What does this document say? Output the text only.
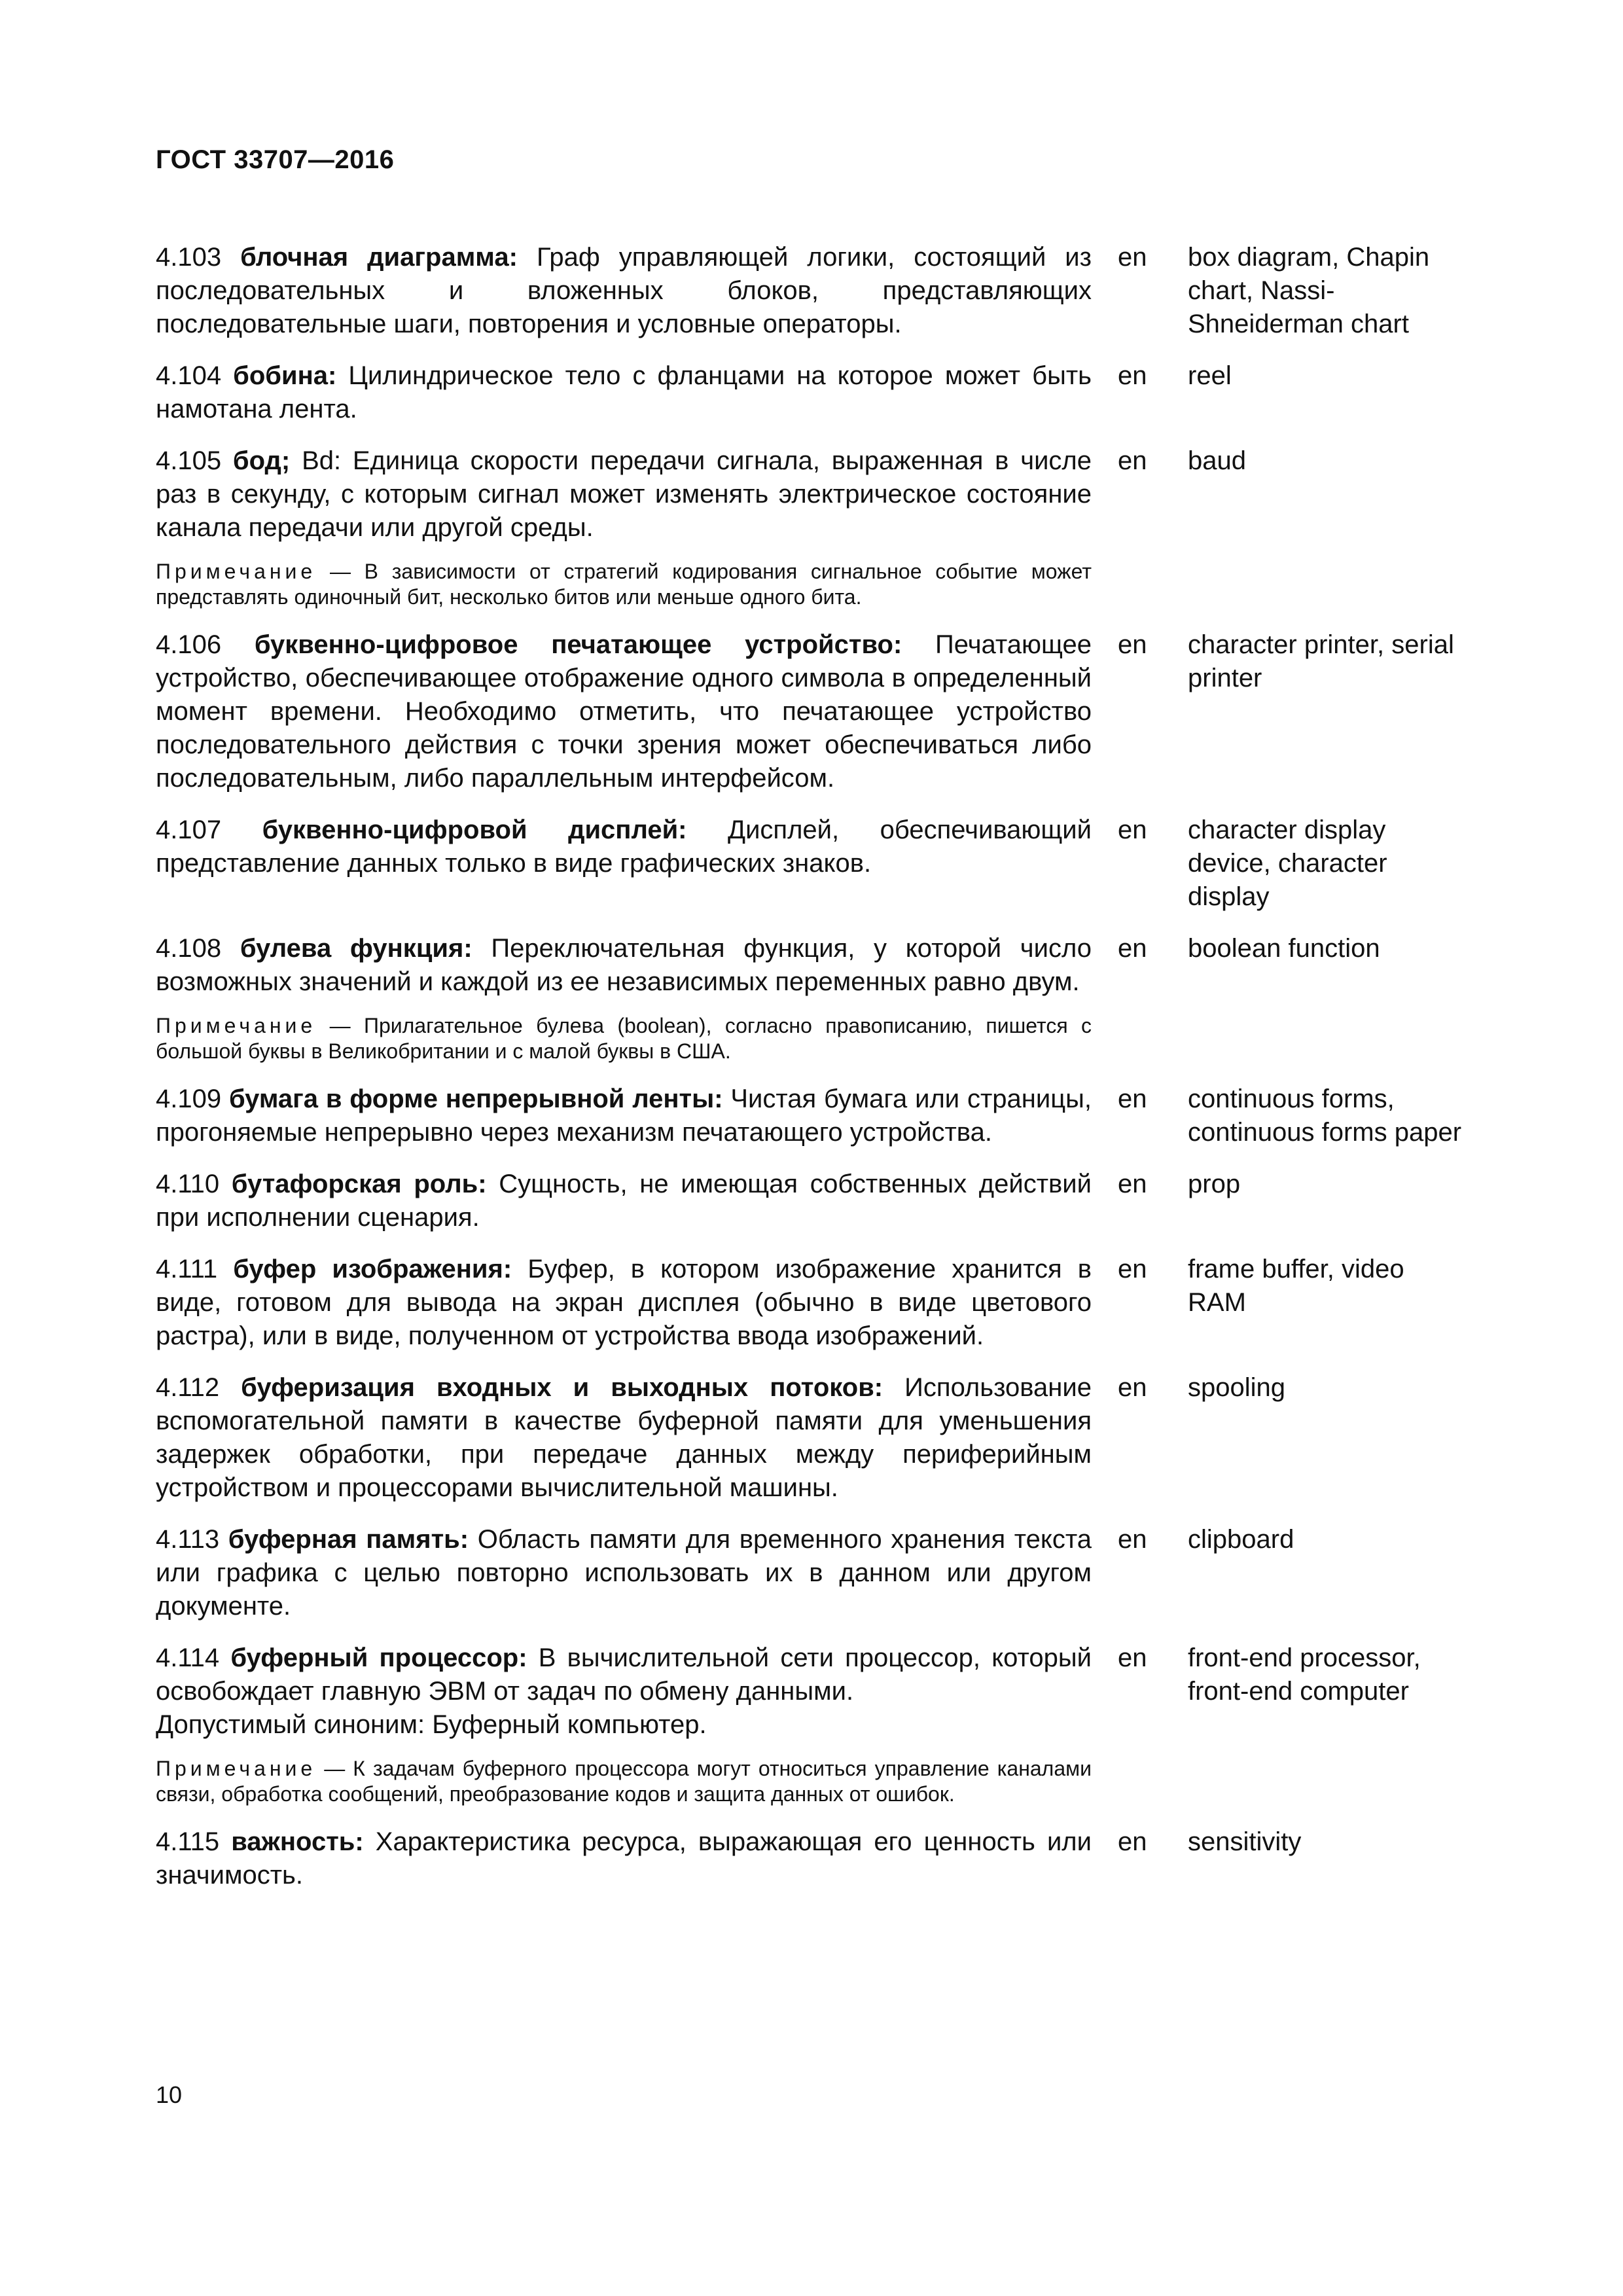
ГОСТ 33707—2016
4.103 блочная диаграмма: Граф управляющей логики, состоящий из последовательных и вложенных блоков, представляющих последовательные шаги, повторения и условные операторы.
en	box diagram, Chapin chart, Nassi-Shneiderman chart
4.104 бобина: Цилиндрическое тело с фланцами на которое может быть намотана лента.
en	reel
4.105 бод; Bd: Единица скорости передачи сигнала, выраженная в числе раз в секунду, с которым сигнал может изменять электрическое состояние канала передачи или другой среды.
Примечание — В зависимости от стратегий кодирования сигнальное событие может представлять одиночный бит, несколько битов или меньше одного бита.
en	baud
4.106 буквенно-цифровое печатающее устройство: Печатающее устройство, обеспечивающее отображение одного символа в определенный момент времени. Необходимо отметить, что печатающее устройство последовательного действия с точки зрения может обеспечиваться либо последовательным, либо параллельным интерфейсом.
en	character printer, serial printer
4.107 буквенно-цифровой дисплей: Дисплей, обеспечивающий представление данных только в виде графических знаков.
en	character display device, character display
4.108 булева функция: Переключательная функция, у которой число возможных значений и каждой из ее независимых переменных равно двум.
Примечание — Прилагательное булева (boolean), согласно правописанию, пишется с большой буквы в Великобритании и с малой буквы в США.
en	boolean function
4.109 бумага в форме непрерывной ленты: Чистая бумага или страницы, прогоняемые непрерывно через механизм печатающего устройства.
en	continuous forms, continuous forms paper
4.110 бутафорская роль: Сущность, не имеющая собственных действий при исполнении сценария.
en	prop
4.111 буфер изображения: Буфер, в котором изображение хранится в виде, готовом для вывода на экран дисплея (обычно в виде цветового растра), или в виде, полученном от устройства ввода изображений.
en	frame buffer, video RAM
4.112 буферизация входных и выходных потоков: Использование вспомогательной памяти в качестве буферной памяти для уменьшения задержек обработки, при передаче данных между периферийным устройством и процессорами вычислительной машины.
en	spooling
4.113 буферная память: Область памяти для временного хранения текста или графика с целью повторно использовать их в данном или другом документе.
en	clipboard
4.114 буферный процессор: В вычислительной сети процессор, который освобождает главную ЭВМ от задач по обмену данными.
Допустимый синоним: Буферный компьютер.
Примечание — К задачам буферного процессора могут относиться управление каналами связи, обработка сообщений, преобразование кодов и защита данных от ошибок.
en	front-end processor, front-end computer
4.115 важность: Характеристика ресурса, выражающая его ценность или значимость.
en	sensitivity
10
